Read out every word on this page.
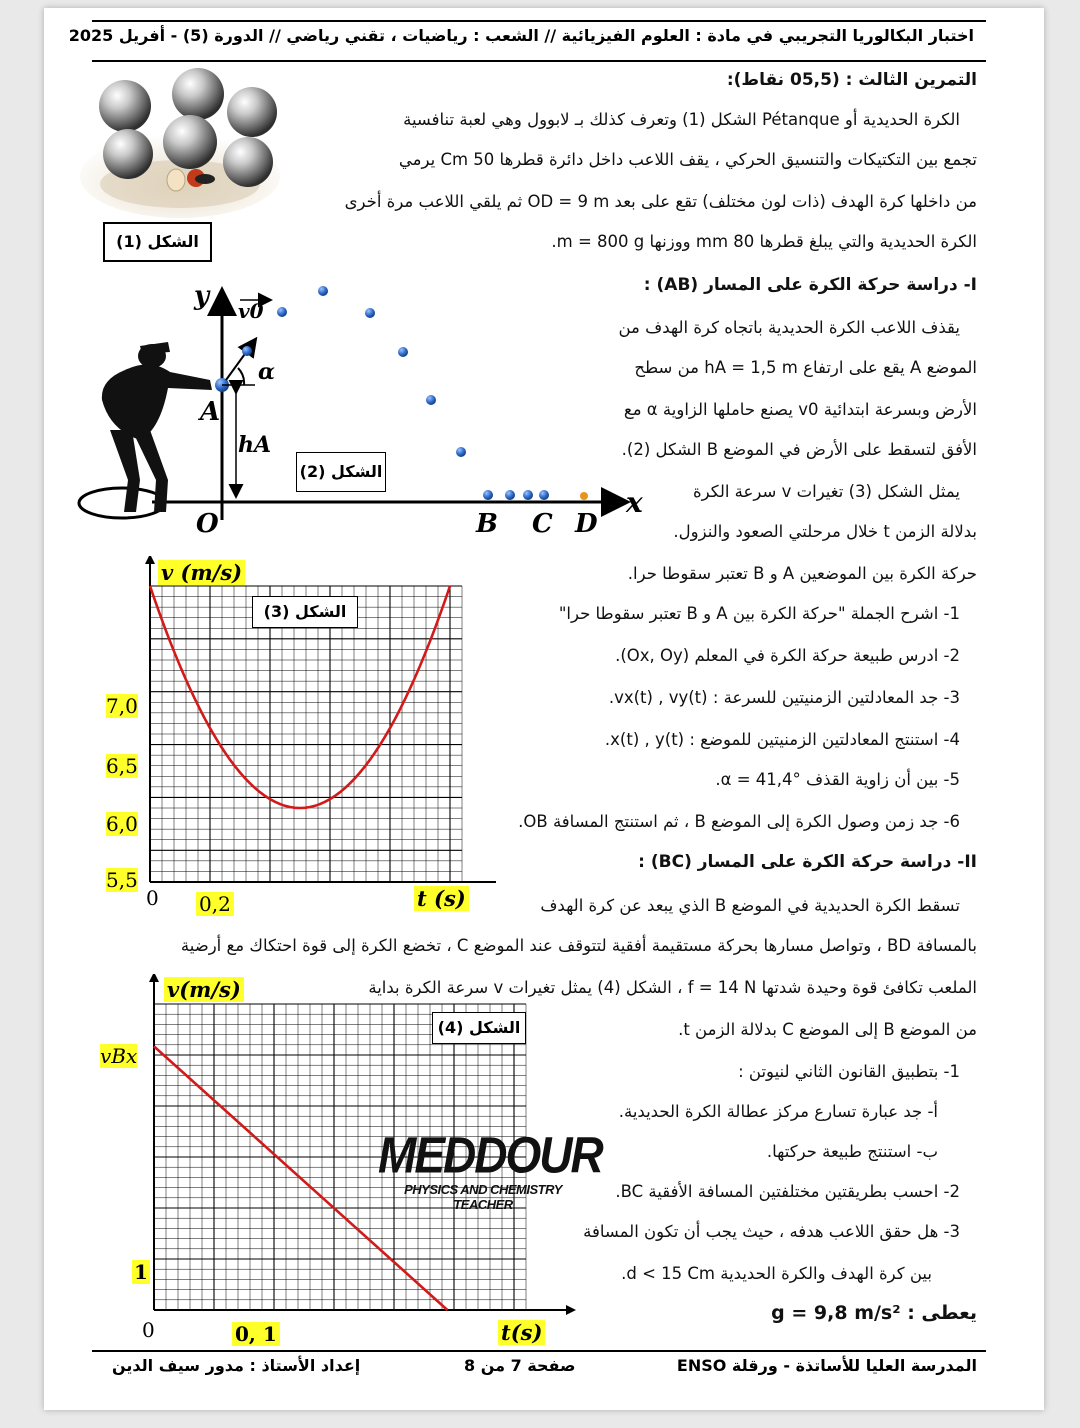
اختبار البكالوريا التجريبي في مادة : العلوم الفيزيائية // الشعب : رياضيات ، تقني رياضي // الدورة (5) - أفريل 2025
التمرين الثالث : (05,5 نقاط):
الشكل (1)
الكرة الحديدية أو Pétanque الشكل (1) وتعرف كذلك بـ لابوول وهي لعبة تنافسية
تجمع بين التكتيكات والتنسيق الحركي ، يقف اللاعب داخل دائرة قطرها 50 Cm يرمي
من داخلها كرة الهدف (ذات لون مختلف) تقع على بعد OD = 9 m ثم يلقي اللاعب مرة أخرى
الكرة الحديدية والتي يبلغ قطرها 80 mm ووزنها m = 800 g.
I- دراسة حركة الكرة على المسار (AB) :
y
x
v0
α
A
hA
O	B C D
الشكل (2)
يقذف اللاعب الكرة الحديدية باتجاه كرة الهدف من
الموضع A يقع على ارتفاع hA = 1,5 m من سطح
الأرض وبسرعة ابتدائية v0 يصنع حاملها الزاوية α مع
الأفق لتسقط على الأرض في الموضع B الشكل (2).
يمثل الشكل (3) تغيرات v سرعة الكرة
بدلالة الزمن t خلال مرحلتي الصعود والنزول.
حركة الكرة بين الموضعين A و B تعتبر سقوطا حرا.
1- اشرح الجملة "حركة الكرة بين A و B تعتبر سقوطا حرا"
2- ادرس طبيعة حركة الكرة في المعلم (Ox, Oy).
3- جد المعادلتين الزمنيتين للسرعة : vx(t) , vy(t).
4- استنتج المعادلتين الزمنيتين للموضع : x(t) , y(t).
5- بين أن زاوية القذف α = 41,4°.
6- جد زمن وصول الكرة إلى الموضع B ، ثم استنتج المسافة OB.
الشكل (3)
v (m/s)
t (s)
7,0
6,5
6,0
5,5
0 0,2
II- دراسة حركة الكرة على المسار (BC) :
تسقط الكرة الحديدية في الموضع B الذي يبعد عن كرة الهدف
بالمسافة BD ، وتواصل مسارها بحركة مستقيمة أفقية لتتوقف عند الموضع C ، تخضع الكرة إلى قوة احتكاك مع أرضية
الملعب تكافئ قوة وحيدة شدتها f = 14 N ، الشكل (4) يمثل تغيرات v سرعة الكرة بداية
من الموضع B إلى الموضع C بدلالة الزمن t.
1- بتطبيق القانون الثاني لنيوتن :
أ- جد عبارة تسارع مركز عطالة الكرة الحديدية.
ب- استنتج طبيعة حركتها.
2- احسب بطريقتين مختلفتين المسافة الأفقية BC.
3- هل حقق اللاعب هدفه ، حيث يجب أن تكون المسافة
بين كرة الهدف والكرة الحديدية d < 15 Cm.
يعطى : g = 9,8 m/s²
الشكل (4)
v(m/s)
t(s)
vBx
1
0	0, 1
MEDDOUR
PHYSICS AND CHEMISTRY TEACHER
المدرسة العليا للأساتذة - ورقلة ENSO
صفحة 7 من 8
إعداد الأستاذ : مدور سيف الدين
